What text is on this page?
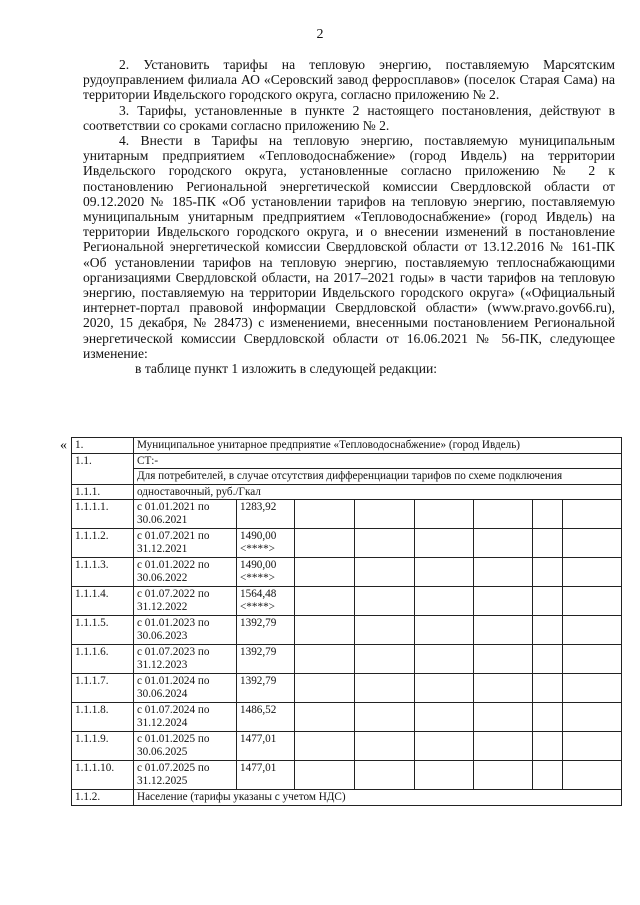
2

2. Установить тарифы на тепловую энергию, поставляемую Марсятским рудоуправлением филиала АО «Серовский завод ферросплавов» (поселок Старая Сама) на территории Ивдельского городского округа, согласно приложению № 2.

3. Тарифы, установленные в пункте 2 настоящего постановления, действуют в соответствии со сроками согласно приложению № 2.

4. Внести в Тарифы на тепловую энергию, поставляемую муниципальным унитарным предприятием «Тепловодоснабжение» (город Ивдель) на территории Ивдельского городского округа, установленные согласно приложению № 2 к постановлению Региональной энергетической комиссии Свердловской области от 09.12.2020 № 185-ПК «Об установлении тарифов на тепловую энергию, поставляемую муниципальным унитарным предприятием «Тепловодоснабжение» (город Ивдель) на территории Ивдельского городского округа, и о внесении изменений в постановление Региональной энергетической комиссии Свердловской области от 13.12.2016 № 161-ПК «Об установлении тарифов на тепловую энергию, поставляемую теплоснабжающими организациями Свердловской области, на 2017–2021 годы» в части тарифов на тепловую энергию, поставляемую на территории Ивдельского городского округа» («Официальный интернет-портал правовой информации Свердловской области» (www.pravo.gov66.ru), 2020, 15 декабря, № 28473) с изменениеми, внесенными постановлением Региональной энергетической комиссии Свердловской области от 16.06.2021 № 56-ПК, следующее изменение:

в таблице пункт 1 изложить в следующей редакции:

« 1.	Муниципальное унитарное предприятие «Тепловодоснабжение» (город Ивдель)							
1.1.	СТ:-							
	Для потребителей, в случае отсутствия дифференциации тарифов по схеме подключения							
1.1.1.	одноставочный, руб./Гкал							
1.1.1.1.	с 01.01.2021 по 30.06.2021	1283,92						
1.1.1.2.	с 01.07.2021 по 31.12.2021	1490,00 <****>						
1.1.1.3.	с 01.01.2022 по 30.06.2022	1490,00 <****>						
1.1.1.4.	с 01.07.2022 по 31.12.2022	1564,48 <****>						
1.1.1.5.	с 01.01.2023 по 30.06.2023	1392,79						
1.1.1.6.	с 01.07.2023 по 31.12.2023	1392,79						
1.1.1.7.	с 01.01.2024 по 30.06.2024	1392,79						
1.1.1.8.	с 01.07.2024 по 31.12.2024	1486,52						
1.1.1.9.	с 01.01.2025 по 30.06.2025	1477,01						
1.1.1.10.	с 01.07.2025 по 31.12.2025	1477,01						
1.1.2.	Население (тарифы указаны с учетом НДС)							
